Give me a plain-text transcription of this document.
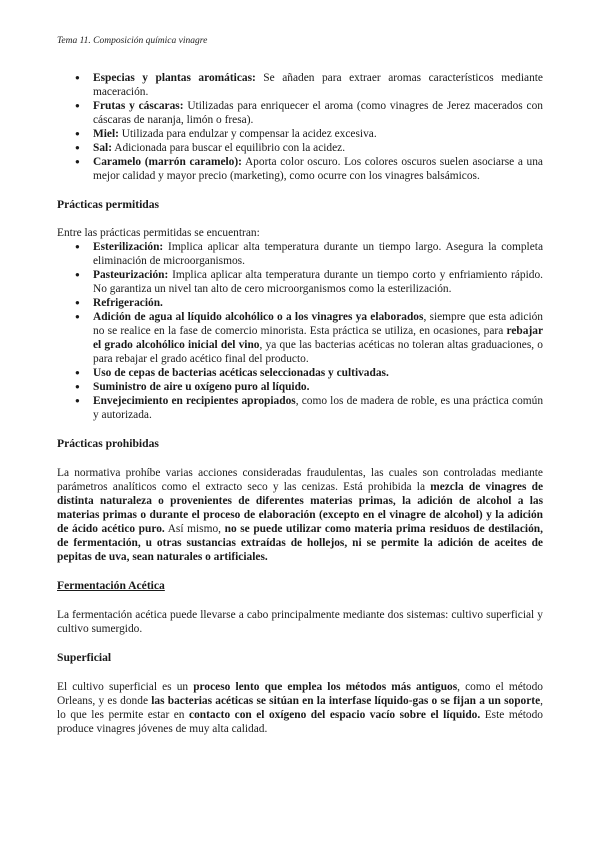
Tema 11. Composición química vinagre
● Especias y plantas aromáticas: Se añaden para extraer aromas característicos mediante maceración.
● Frutas y cáscaras: Utilizadas para enriquecer el aroma (como vinagres de Jerez macerados con cáscaras de naranja, limón o fresa).
● Miel: Utilizada para endulzar y compensar la acidez excesiva.
● Sal: Adicionada para buscar el equilibrio con la acidez.
● Caramelo (marrón caramelo): Aporta color oscuro. Los colores oscuros suelen asociarse a una mejor calidad y mayor precio (marketing), como ocurre con los vinagres balsámicos.

Prácticas permitidas

Entre las prácticas permitidas se encuentran:

● Esterilización: Implica aplicar alta temperatura durante un tiempo largo. Asegura la completa eliminación de microorganismos.
● Pasteurización: Implica aplicar alta temperatura durante un tiempo corto y enfriamiento rápido. No garantiza un nivel tan alto de cero microorganismos como la esterilización.
● Refrigeración.
● Adición de agua al líquido alcohólico o a los vinagres ya elaborados, siempre que esta adición no se realice en la fase de comercio minorista. Esta práctica se utiliza, en ocasiones, para rebajar el grado alcohólico inicial del vino, ya que las bacterias acéticas no toleran altas graduaciones, o para rebajar el grado acético final del producto.
● Uso de cepas de bacterias acéticas seleccionadas y cultivadas.
● Suministro de aire u oxígeno puro al líquido.
● Envejecimiento en recipientes apropiados, como los de madera de roble, es una práctica común y autorizada.

Prácticas prohibidas

La normativa prohíbe varias acciones consideradas fraudulentas, las cuales son controladas mediante parámetros analíticos como el extracto seco y las cenizas. Está prohibida la mezcla de vinagres de distinta naturaleza o provenientes de diferentes materias primas, la adición de alcohol a las materias primas o durante el proceso de elaboración (excepto en el vinagre de alcohol) y la adición de ácido acético puro. Así mismo, no se puede utilizar como materia prima residuos de destilación, de fermentación, u otras sustancias extraídas de hollejos, ni se permite la adición de aceites de pepitas de uva, sean naturales o artificiales.

Fermentación Acética

La fermentación acética puede llevarse a cabo principalmente mediante dos sistemas: cultivo superficial y cultivo sumergido.

Superficial

El cultivo superficial es un proceso lento que emplea los métodos más antiguos, como el método Orleans, y es donde las bacterias acéticas se sitúan en la interfase líquido-gas o se fijan a un soporte, lo que les permite estar en contacto con el oxígeno del espacio vacío sobre el líquido. Este método produce vinagres jóvenes de muy alta calidad.
